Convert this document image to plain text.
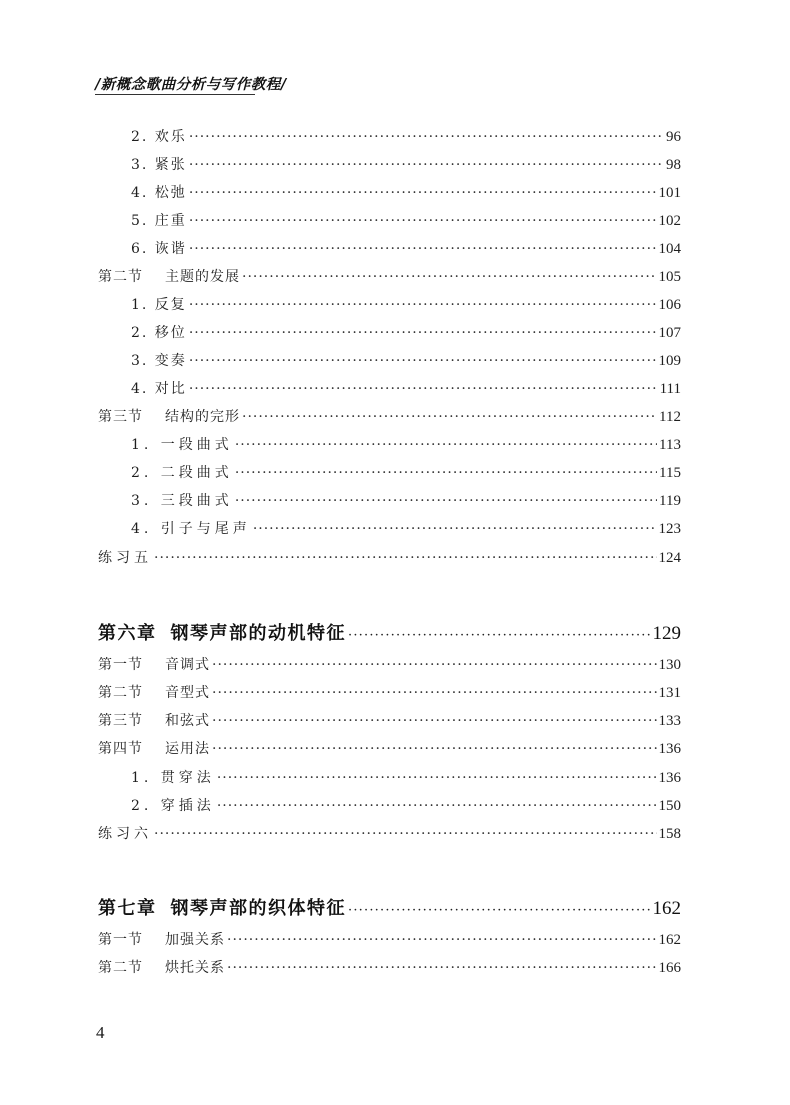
/新概念歌曲分析与写作教程/
2. 欢乐 ·····	96
3. 紧张 ·····	98
4. 松弛 ·····	101
5. 庄重 ·····	102
6. 诙谐 ·····	104
第二节 主题的发展 ·····	105
1. 反复 ·····	106
2. 移位 ·····	107
3. 变奏 ·····	109
4. 对比 ·····	111
第三节 结构的完形 ·····	112
1. 一段曲式 ·····	113
2. 二段曲式 ·····	115
3. 三段曲式 ·····	119
4. 引子与尾声 ·····	123
练习五 ·····	124
第六章 钢琴声部的动机特征 ·····	129
第一节 音调式 ·····	130
第二节 音型式 ·····	131
第三节 和弦式 ·····	133
第四节 运用法 ·····	136
1. 贯穿法 ·····	136
2. 穿插法 ·····	150
练习六 ·····	158
第七章 钢琴声部的织体特征 ·····	162
第一节 加强关系 ·····	162
第二节 烘托关系 ·····	166
4
